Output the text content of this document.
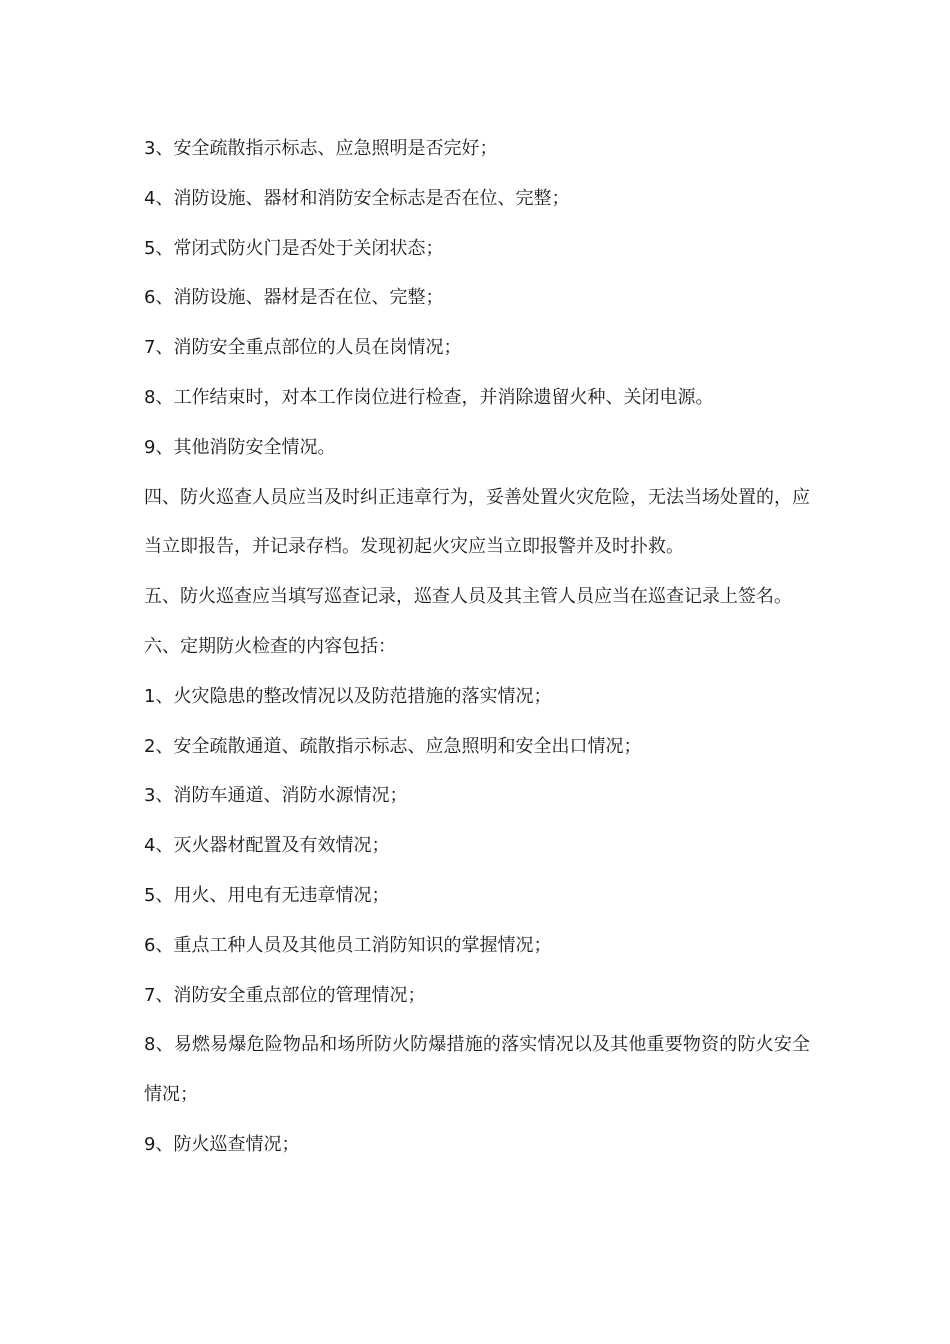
3、安全疏散指示标志、应急照明是否完好；

4、消防设施、器材和消防安全标志是否在位、完整；

5、常闭式防火门是否处于关闭状态；

6、消防设施、器材是否在位、完整；

7、消防安全重点部位的人员在岗情况；

8、工作结束时，对本工作岗位进行检查，并消除遗留火种、关闭电源。

9、其他消防安全情况。

四、防火巡查人员应当及时纠正违章行为，妥善处置火灾危险，无法当场处置的，应当立即报告，并记录存档。发现初起火灾应当立即报警并及时扑救。

五、防火巡查应当填写巡查记录，巡查人员及其主管人员应当在巡查记录上签名。

六、定期防火检查的内容包括：

1、火灾隐患的整改情况以及防范措施的落实情况；

2、安全疏散通道、疏散指示标志、应急照明和安全出口情况；

3、消防车通道、消防水源情况；

4、灭火器材配置及有效情况；

5、用火、用电有无违章情况；

6、重点工种人员及其他员工消防知识的掌握情况；

7、消防安全重点部位的管理情况；

8、易燃易爆危险物品和场所防火防爆措施的落实情况以及其他重要物资的防火安全情况；

9、防火巡查情况；
